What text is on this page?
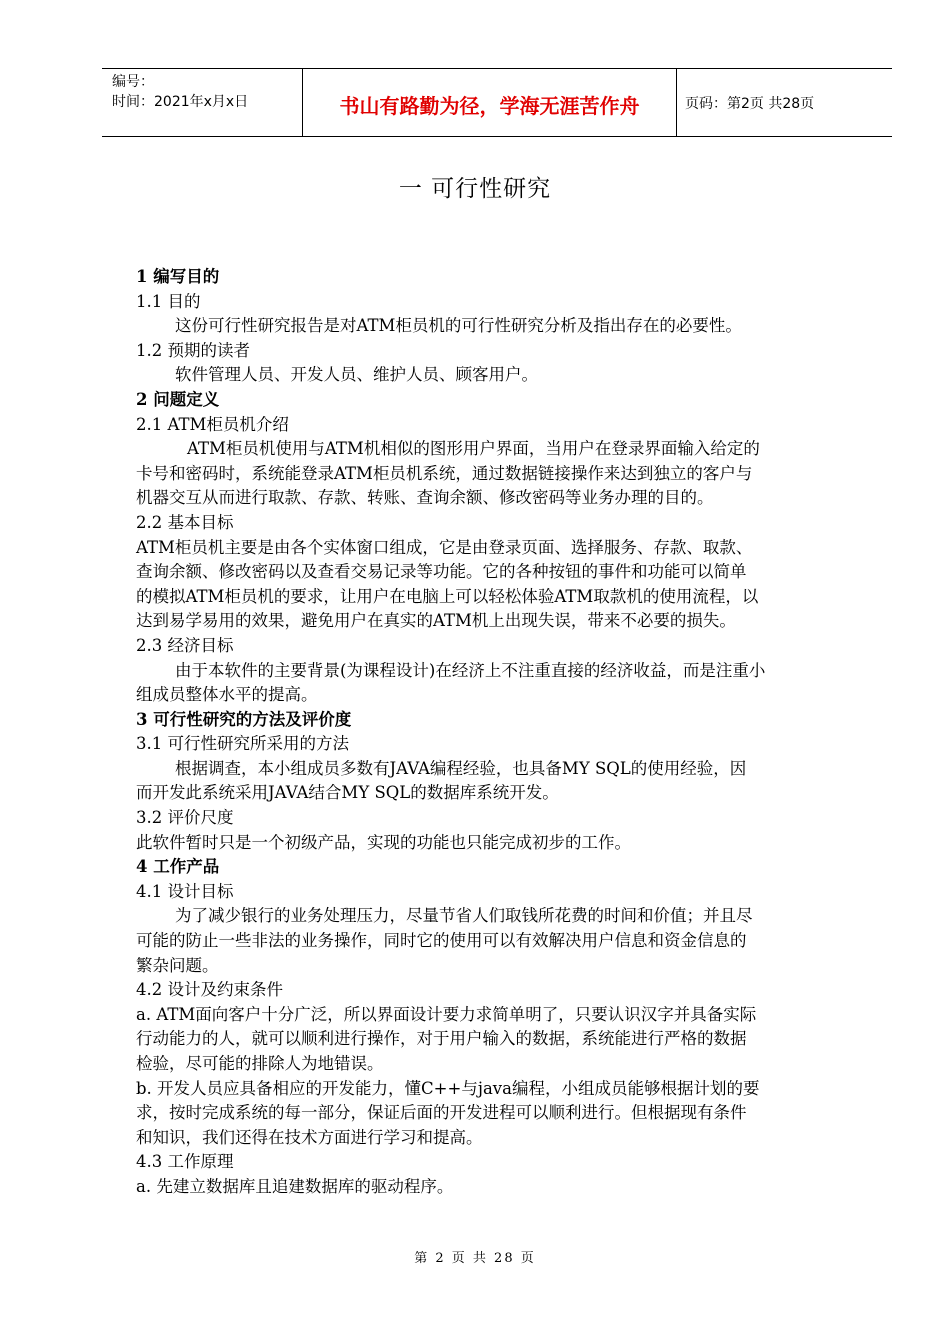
编号：
时间：2021年x月x日	书山有路勤为径，学海无涯苦作舟	页码：第2页 共28页
一 可行性研究
1 编写目的
1.1 目的
这份可行性研究报告是对ATM柜员机的可行性研究分析及指出存在的必要性。
1.2 预期的读者
软件管理人员、开发人员、维护人员、顾客用户。
2 问题定义
2.1 ATM柜员机介绍
ATM柜员机使用与ATM机相似的图形用户界面，当用户在登录界面输入给定的
卡号和密码时，系统能登录ATM柜员机系统，通过数据链接操作来达到独立的客户与
机器交互从而进行取款、存款、转账、查询余额、修改密码等业务办理的目的。
2.2 基本目标
ATM柜员机主要是由各个实体窗口组成，它是由登录页面、选择服务、存款、取款、
查询余额、修改密码以及查看交易记录等功能。它的各种按钮的事件和功能可以简单
的模拟ATM柜员机的要求，让用户在电脑上可以轻松体验ATM取款机的使用流程，以
达到易学易用的效果，避免用户在真实的ATM机上出现失误，带来不必要的损失。
2.3 经济目标
由于本软件的主要背景(为课程设计)在经济上不注重直接的经济收益，而是注重小
组成员整体水平的提高。
3 可行性研究的方法及评价度
3.1 可行性研究所采用的方法
根据调查，本小组成员多数有JAVA编程经验，也具备MY SQL的使用经验，因
而开发此系统采用JAVA结合MY SQL的数据库系统开发。
3.2 评价尺度
此软件暂时只是一个初级产品，实现的功能也只能完成初步的工作。
4 工作产品
4.1 设计目标
为了减少银行的业务处理压力，尽量节省人们取钱所花费的时间和价值；并且尽
可能的防止一些非法的业务操作，同时它的使用可以有效解决用户信息和资金信息的
繁杂问题。
4.2 设计及约束条件
a. ATM面向客户十分广泛，所以界面设计要力求简单明了，只要认识汉字并具备实际
行动能力的人，就可以顺利进行操作，对于用户输入的数据，系统能进行严格的数据
检验，尽可能的排除人为地错误。
b. 开发人员应具备相应的开发能力，懂C++与java编程，小组成员能够根据计划的要
求，按时完成系统的每一部分，保证后面的开发进程可以顺利进行。但根据现有条件
和知识，我们还得在技术方面进行学习和提高。
4.3 工作原理
a. 先建立数据库且追建数据库的驱动程序。
第 2 页 共 28 页
